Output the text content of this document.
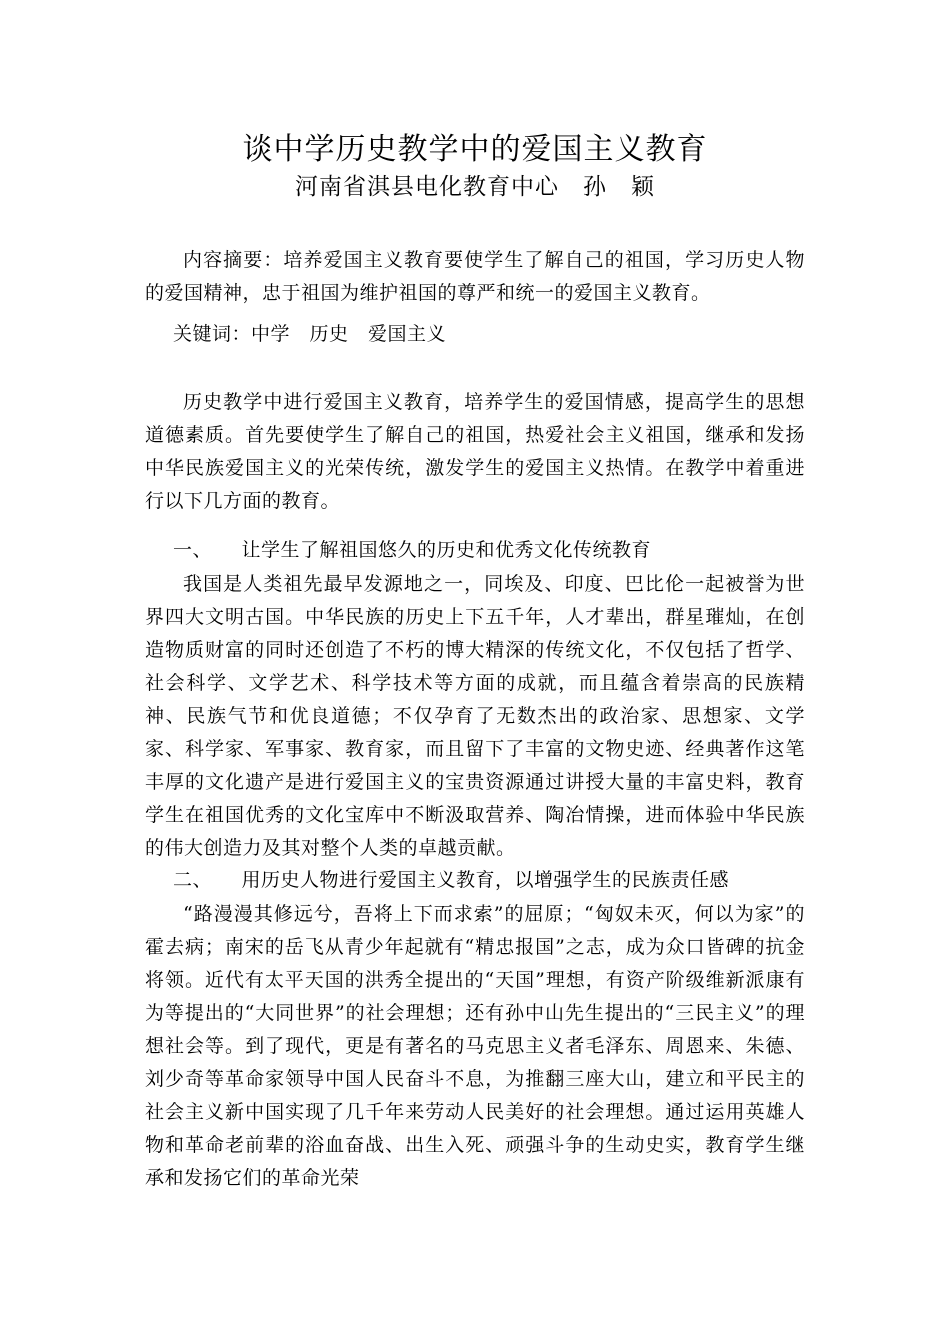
谈中学历史教学中的爱国主义教育
河南省淇县电化教育中心　孙　颖

内容摘要：培养爱国主义教育要使学生了解自己的祖国，学习历史人物的爱国精神，忠于祖国为维护祖国的尊严和统一的爱国主义教育。

关键词：中学　历史　爱国主义

历史教学中进行爱国主义教育，培养学生的爱国情感，提高学生的思想道德素质。首先要使学生了解自己的祖国，热爱社会主义祖国，继承和发扬中华民族爱国主义的光荣传统，激发学生的爱国主义热情。在教学中着重进行以下几方面的教育。

一、　　让学生了解祖国悠久的历史和优秀文化传统教育

我国是人类祖先最早发源地之一，同埃及、印度、巴比伦一起被誉为世界四大文明古国。中华民族的历史上下五千年，人才辈出，群星璀灿，在创造物质财富的同时还创造了不朽的博大精深的传统文化，不仅包括了哲学、社会科学、文学艺术、科学技术等方面的成就，而且蕴含着崇高的民族精神、民族气节和优良道德；不仅孕育了无数杰出的政治家、思想家、文学家、科学家、军事家、教育家，而且留下了丰富的文物史迹、经典著作这笔丰厚的文化遗产是进行爱国主义的宝贵资源通过讲授大量的丰富史料，教育学生在祖国优秀的文化宝库中不断汲取营养、陶冶情操，进而体验中华民族的伟大创造力及其对整个人类的卓越贡献。

二、　　用历史人物进行爱国主义教育，以增强学生的民族责任感

“路漫漫其修远兮，吾将上下而求索”的屈原；“匈奴未灭，何以为家”的霍去病；南宋的岳飞从青少年起就有“精忠报国”之志，成为众口皆碑的抗金将领。近代有太平天国的洪秀全提出的“天国”理想，有资产阶级维新派康有为等提出的“大同世界”的社会理想；还有孙中山先生提出的“三民主义”的理想社会等。到了现代，更是有著名的马克思主义者毛泽东、周恩来、朱德、刘少奇等革命家领导中国人民奋斗不息，为推翻三座大山，建立和平民主的社会主义新中国实现了几千年来劳动人民美好的社会理想。通过运用英雄人物和革命老前辈的浴血奋战、出生入死、顽强斗争的生动史实，教育学生继承和发扬它们的革命光荣
